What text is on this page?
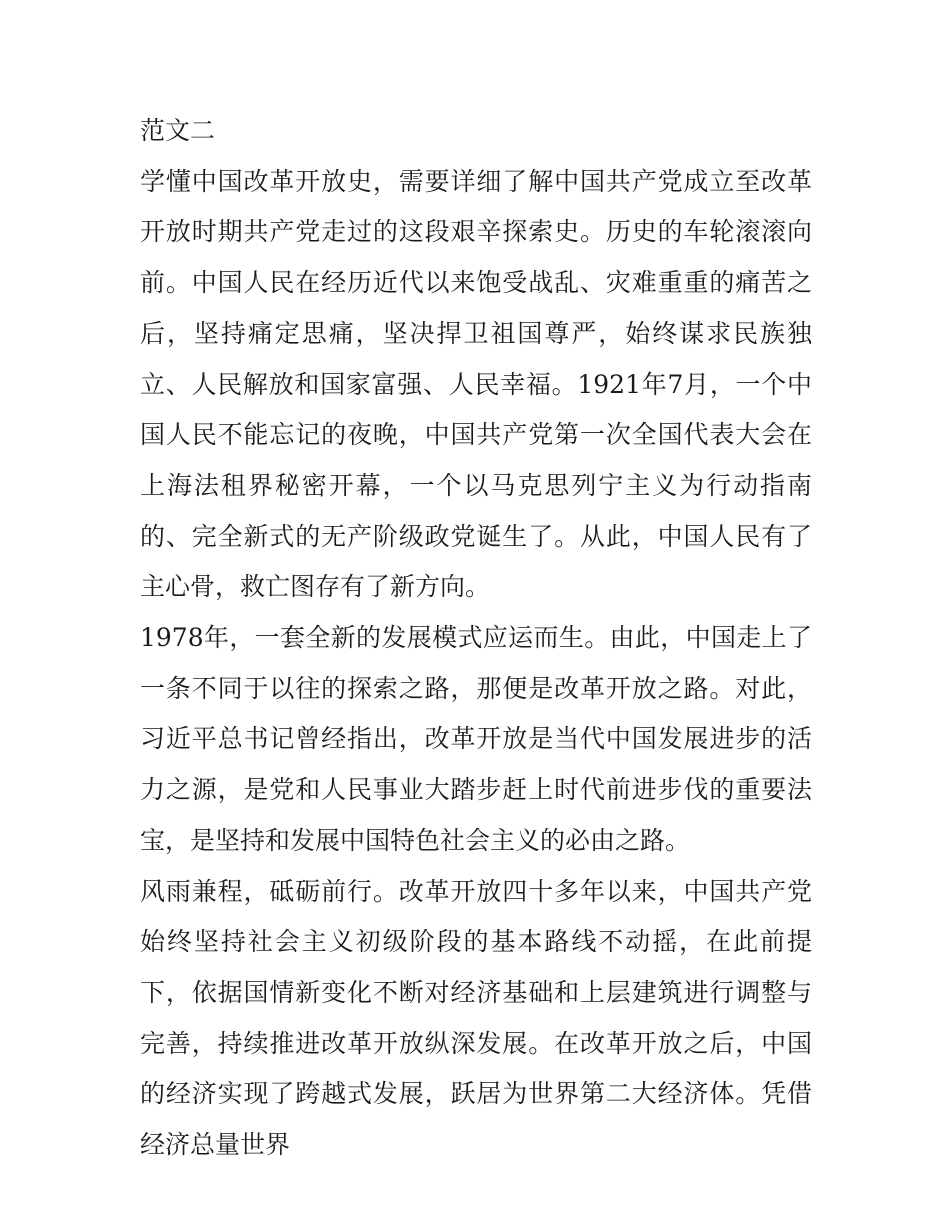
范文二

学懂中国改革开放史，需要详细了解中国共产党成立至改革开放时期共产党走过的这段艰辛探索史。历史的车轮滚滚向前。中国人民在经历近代以来饱受战乱、灾难重重的痛苦之后，坚持痛定思痛，坚决捍卫祖国尊严，始终谋求民族独立、人民解放和国家富强、人民幸福。1921年7月，一个中国人民不能忘记的夜晚，中国共产党第一次全国代表大会在上海法租界秘密开幕，一个以马克思列宁主义为行动指南的、完全新式的无产阶级政党诞生了。从此，中国人民有了主心骨，救亡图存有了新方向。

1978年，一套全新的发展模式应运而生。由此，中国走上了一条不同于以往的探索之路，那便是改革开放之路。对此，习近平总书记曾经指出，改革开放是当代中国发展进步的活力之源，是党和人民事业大踏步赶上时代前进步伐的重要法宝，是坚持和发展中国特色社会主义的必由之路。

风雨兼程，砥砺前行。改革开放四十多年以来，中国共产党始终坚持社会主义初级阶段的基本路线不动摇，在此前提下，依据国情新变化不断对经济基础和上层建筑进行调整与完善，持续推进改革开放纵深发展。在改革开放之后，中国的经济实现了跨越式发展，跃居为世界第二大经济体。凭借经济总量世界
